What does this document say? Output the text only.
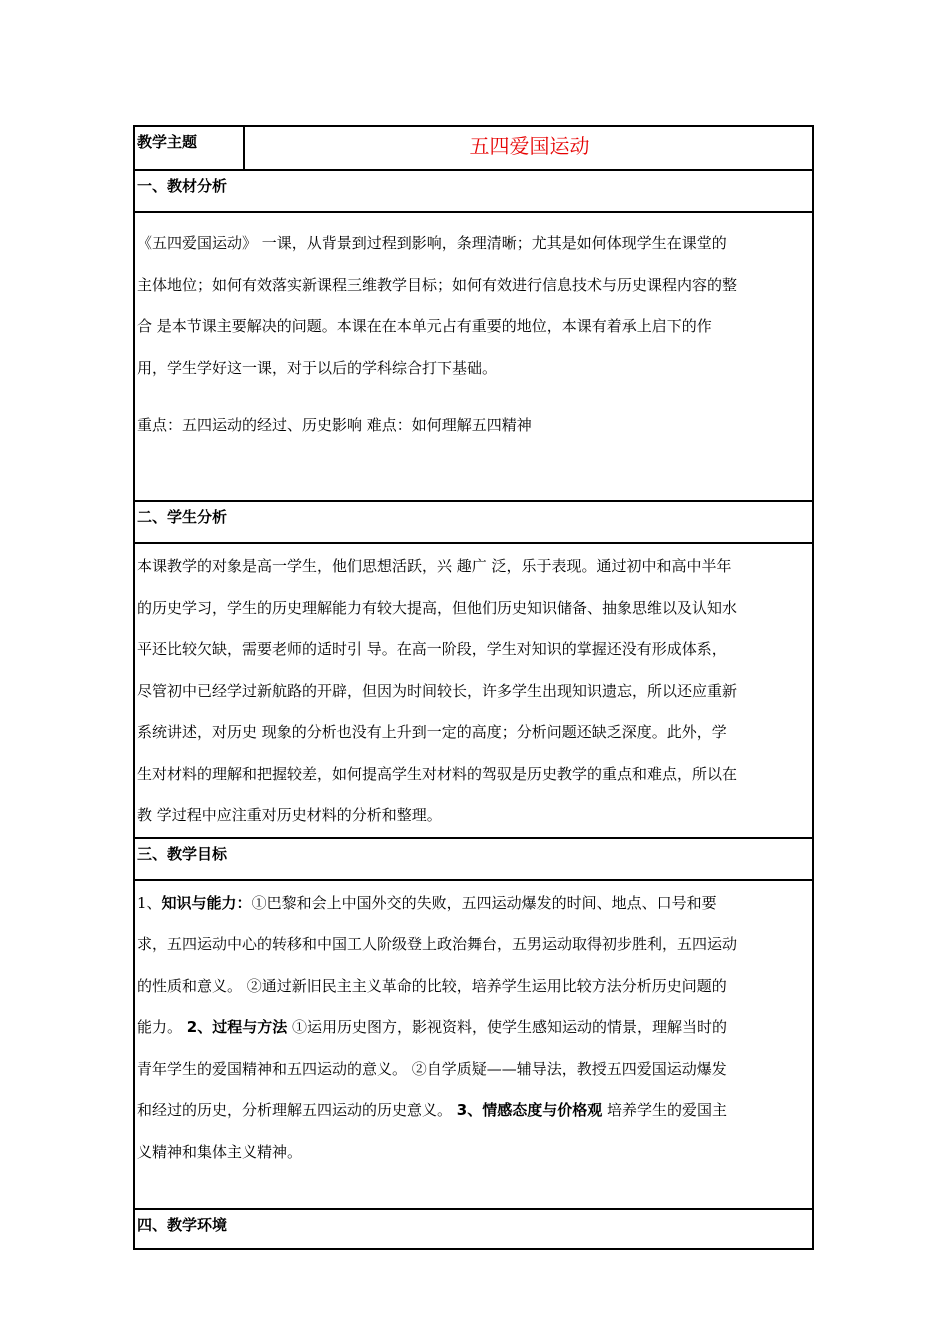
教学主题	五四爱国运动
一、教材分析

《五四爱国运动》 一课，从背景到过程到影响，条理清晰；尤其是如何体现学生在课堂的

主体地位；如何有效落实新课程三维教学目标；如何有效进行信息技术与历史课程内容的整

合 是本节课主要解决的问题。本课在在本单元占有重要的地位，本课有着承上启下的作

用，学生学好这一课，对于以后的学科综合打下基础。

重点：五四运动的经过、历史影响 难点：如何理解五四精神

二、学生分析

本课教学的对象是高一学生，他们思想活跃，兴 趣广 泛，乐于表现。通过初中和高中半年

的历史学习，学生的历史理解能力有较大提高，但他们历史知识储备、抽象思维以及认知水

平还比较欠缺，需要老师的适时引 导。在高一阶段，学生对知识的掌握还没有形成体系，

尽管初中已经学过新航路的开辟，但因为时间较长，许多学生出现知识遗忘，所以还应重新

系统讲述，对历史 现象的分析也没有上升到一定的高度；分析问题还缺乏深度。此外，学

生对材料的理解和把握较差，如何提高学生对材料的驾驭是历史教学的重点和难点，所以在

教 学过程中应注重对历史材料的分析和整理。

三、教学目标

1、知识与能力：①巴黎和会上中国外交的失败，五四运动爆发的时间、地点、口号和要

求，五四运动中心的转移和中国工人阶级登上政治舞台，五男运动取得初步胜利，五四运动

的性质和意义。 ②通过新旧民主主义革命的比较，培养学生运用比较方法分析历史问题的

能力。 2、过程与方法 ①运用历史图方，影视资料，使学生感知运动的情景，理解当时的

青年学生的爱国精神和五四运动的意义。 ②自学质疑——辅导法，教授五四爱国运动爆发

和经过的历史，分析理解五四运动的历史意义。 3、情感态度与价格观 培养学生的爱国主

义精神和集体主义精神。

四、教学环境
